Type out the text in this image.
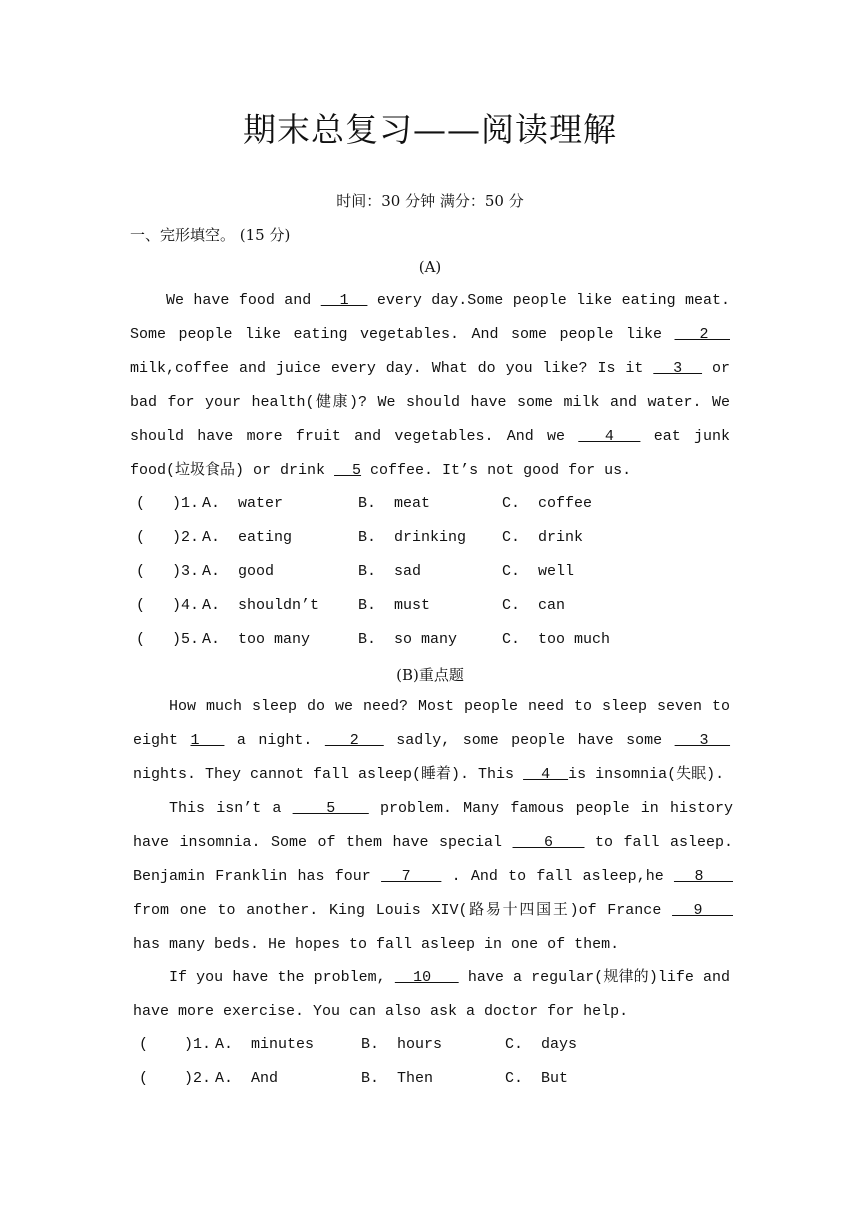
期末总复习——阅读理解
时间：30 分钟 满分：50 分
一、完形填空。 (15 分)
(A)
We have food and   1   every day.Some people like eating meat. Some people like eating vegetables. And some people like   2   milk,coffee and juice every day. What do you like? Is it   3   or bad for your health(健康)? We should have some milk and water. We should have more fruit and vegetables. And we   4   eat junk food(垃圾食品) or drink   5 coffee. It’s not good for us.
(   )1. A.  water	B.  meat	C.  coffee
(   )2. A.  eating	B.  drinking C.  drink
(   )3. A.  good	B.  sad	C.  well
(   )4. A.  shouldn’t	B.  must	C.  can
(   )5. A.  too many	B.  so many	C.  too much
(B)重点题
How much sleep do we need? Most people need to sleep seven to eight 1   a night.   2   sadly, some people have some   3   nights. They cannot fall asleep(睡着). This   4  is insomnia(失眠).
This isn’t a    5    problem. Many famous people in history have insomnia. Some of them have special    6    to fall asleep. Benjamin Franklin has four   7    . And to fall asleep,he   8    from one to another. King Louis XIV(路易十四国王)of France   9    has many beds. He hopes to fall asleep in one of them.
If you have the problem,   10    have a regular(规律的)life and have more exercise. You can also ask a doctor for help.
(    )1. A.  minutes	B.  hours	C.  days
(    )2. A.  And	B.  Then	C.  But
